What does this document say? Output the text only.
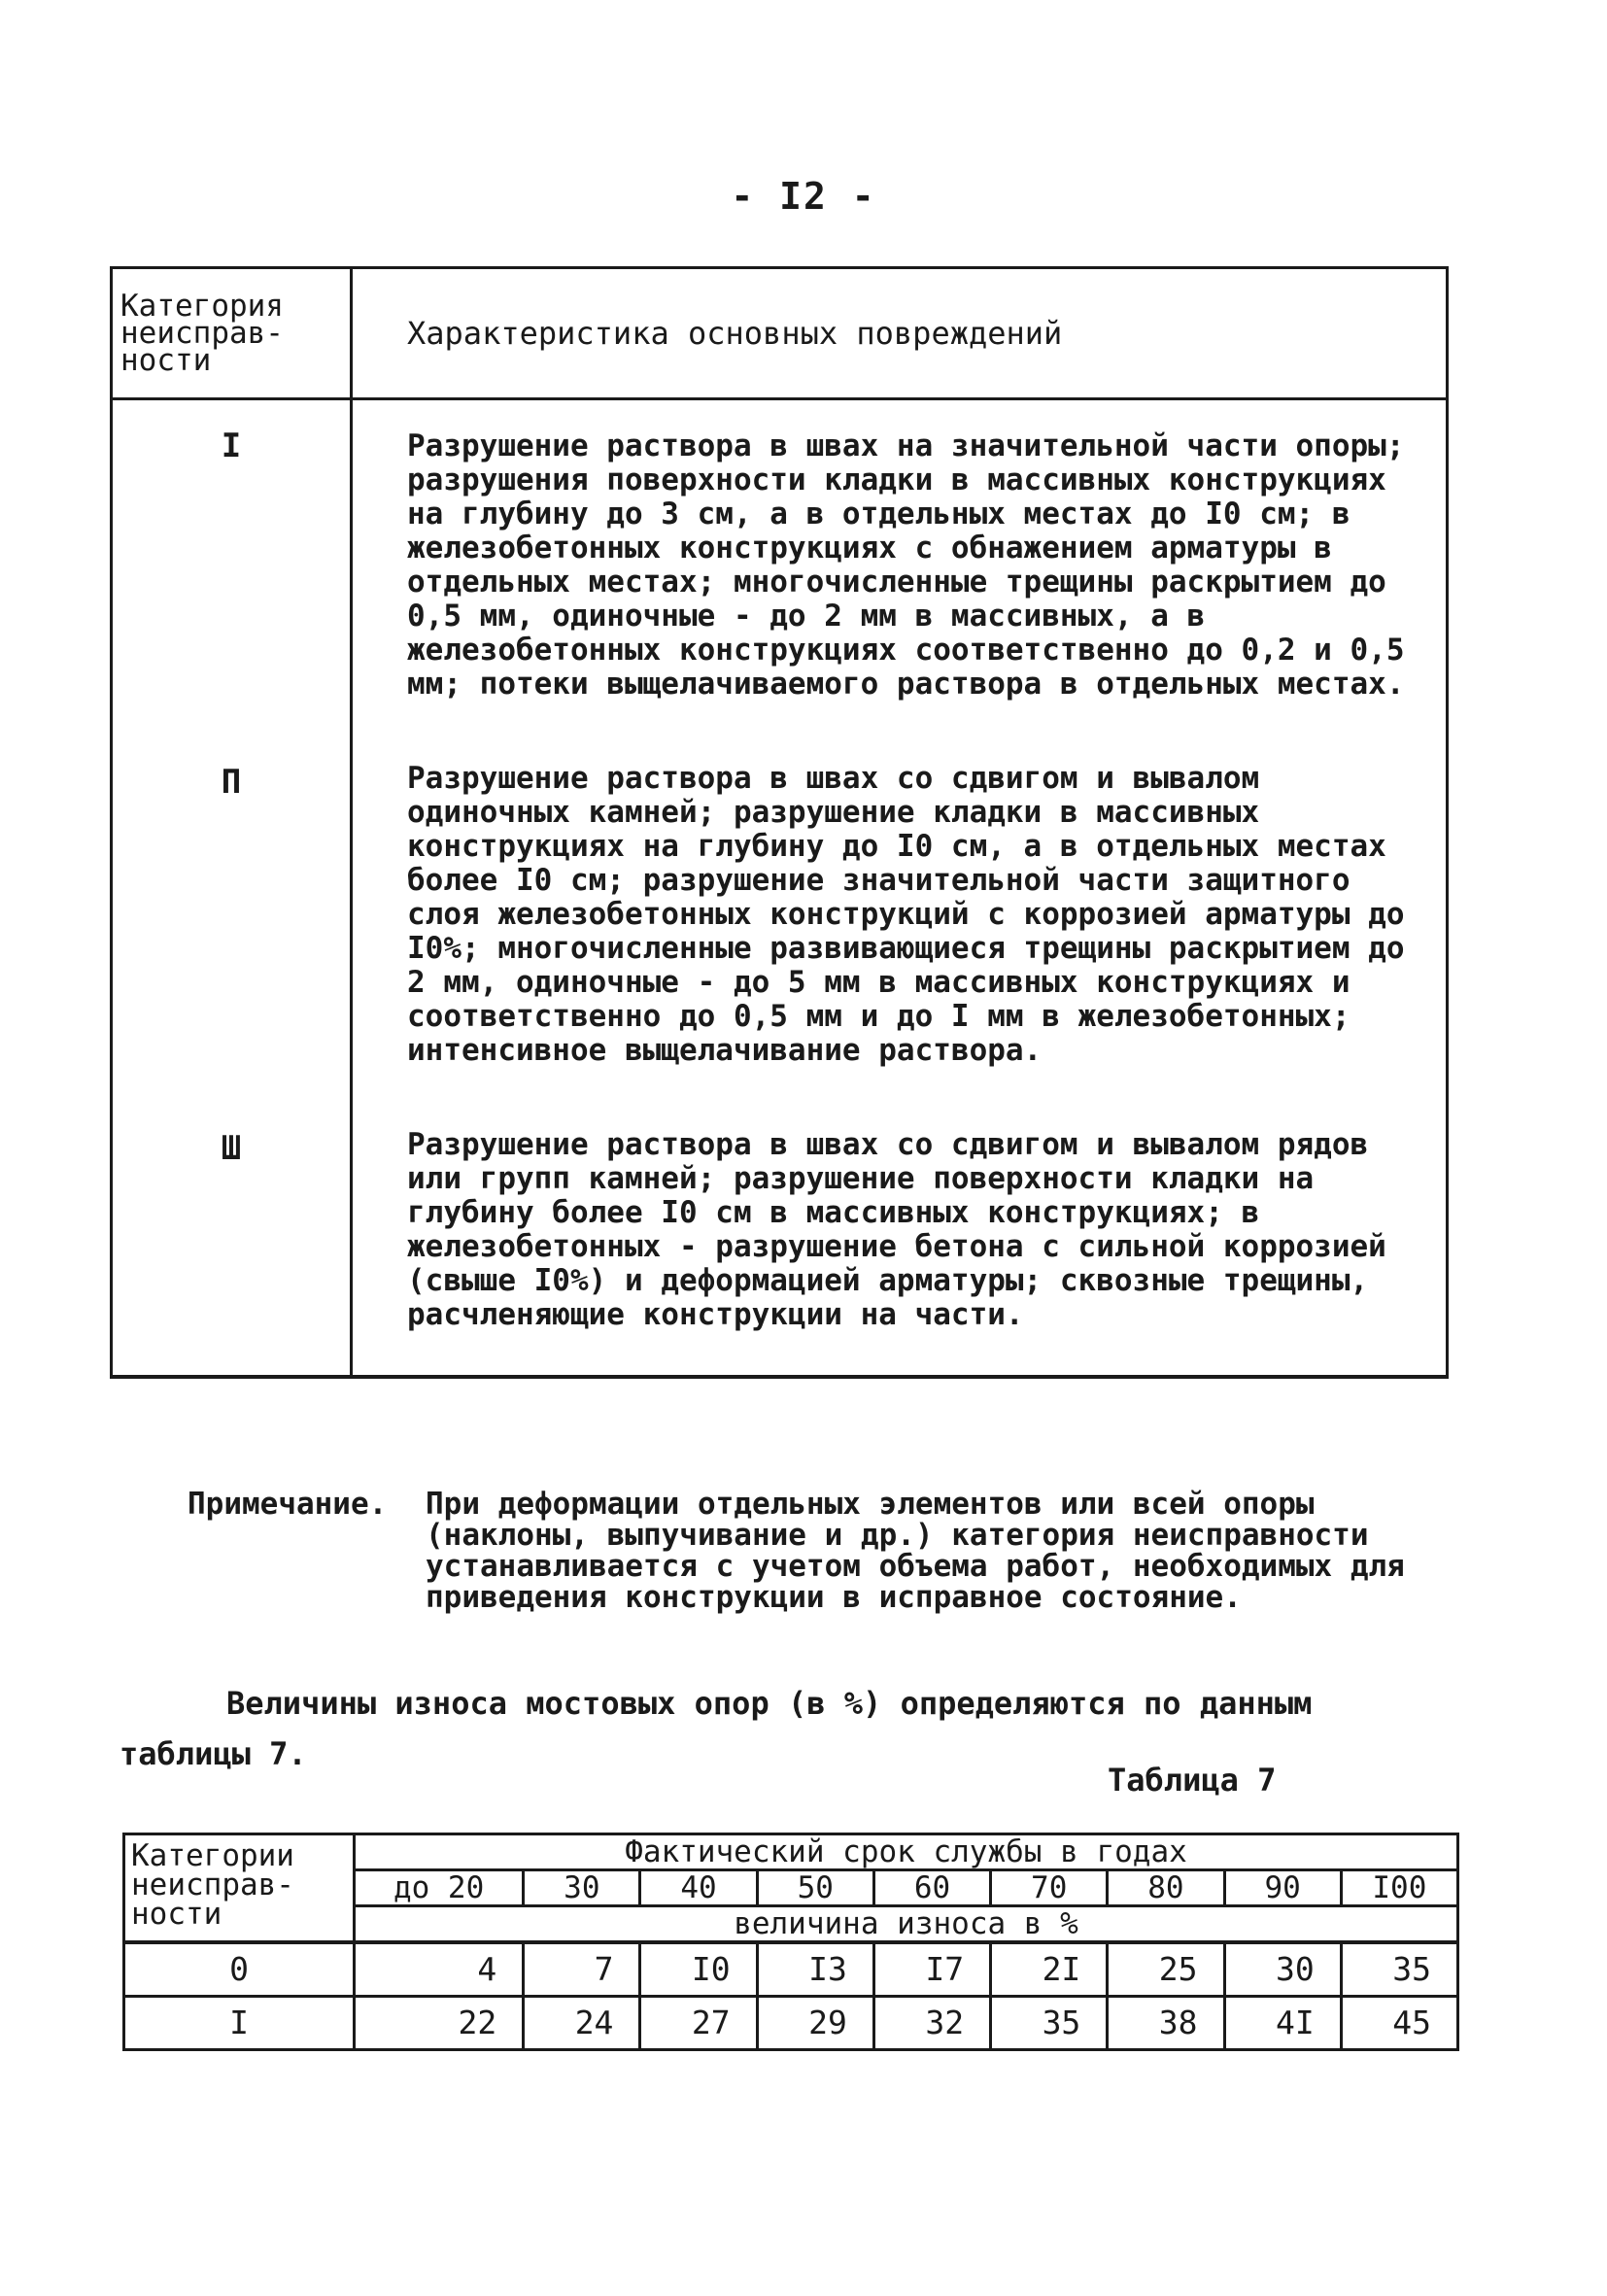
- I2 -
Категория неисправ- ности	Характеристика основных повреждений
I	Разрушение раствора в швах на значительной части опоры; разрушения поверхности кладки в массивных конструкциях на глубину до 3 см, а в отдельных местах до I0 см; в железобетонных конструкциях с обнажением арматуры в отдельных местах; многочисленные трещины раскрытием до 0,5 мм, одиночные - до 2 мм в массивных, а в железобетонных конструкциях соответственно до 0,2 и 0,5 мм; потеки выщелачиваемого раствора в отдельных местах.
П	Разрушение раствора в швах со сдвигом и вывалом одиночных камней; разрушение кладки в массивных конструкциях на глубину до I0 см, а в отдельных местах более I0 см; разрушение значительной части защитного слоя железобетонных конструкций с коррозией арматуры до I0%; многочисленные развивающиеся трещины раскрытием до 2 мм, одиночные - до 5 мм в массивных конструкциях и соответственно до 0,5 мм и до I мм в железобетонных; интенсивное выщелачивание раствора.
Ш	Разрушение раствора в швах со сдвигом и вывалом рядов или групп камней; разрушение поверхности кладки на глубину более I0 см в массивных конструкциях; в железобетонных - разрушение бетона с сильной коррозией (свыше I0%) и деформацией арматуры; сквозные трещины, расчленяющие конструкции на части.
Примечание. При деформации отдельных элементов или всей опоры (наклоны, выпучивание и др.) категория неисправности устанавливается с учетом объема работ, необходимых для приведения конструкции в исправное состояние.
Величины износа мостовых опор (в %) определяются по данным таблицы 7.
Таблица 7
Категории неисправ- ности	Фактический срок службы в годах								
	до 20	30	40	50	60	70	80	90	I00
	величина износа в %								
0	4	7	I0	I3	I7	2I	25	30	35
I	22	24	27	29	32	35	38	4I	45
